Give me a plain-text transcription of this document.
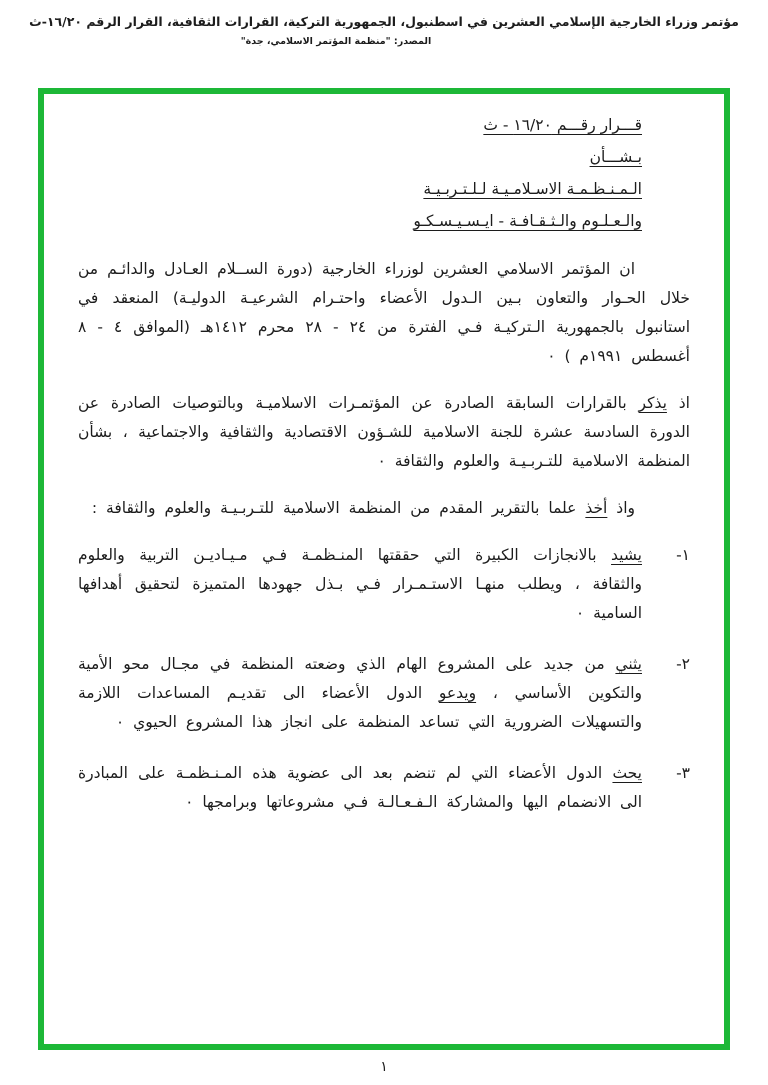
مؤتمر وزراء الخارجية الإسلامي العشرين في اسطنبول، الجمهورية التركية، القرارات الثقافية، القرار الرقم ١٦/٢٠-ث
المصدر: "منظمة المؤتمر الاسلامي، جدة"
قـــرار رقـــم ١٦/٢٠ - ث
بـشـــأن
الـمـنـظـمـة الاسـلامـيـة لـلـتـربـيـة
والـعـلـوم والـثـقـافـة - ايـسـيـسـكـو

ان المؤتمر الاسلامي العشرين لوزراء الخارجية (دورة الســلام العـادل والدائـم من خلال الحـوار والتعاون بـين الـدول الأعضاء واحتـرام الشرعيـة الدوليـة) المنعقد في استانبول بالجمهورية الـتركيـة فـي الفترة من ٢٤ - ٢٨ محرم ١٤١٢هـ (الموافق ٤ - ٨ أغسطس ١٩٩١م ) ٠

اذ يذكر بالقرارات السابقة الصادرة عن المؤتمـرات الاسلاميـة وبالتوصيات الصادرة عن الدورة السادسة عشرة للجنة الاسلامية للشـؤون الاقتصادية والثقافية والاجتماعية ، بشأن المنظمة الاسلامية للتـربـيـة والعلوم والثقافة ٠

واذ أخذ علما بالتقرير المقدم من المنظمة الاسلامية للتـربـيـة والعلوم والثقافة :

١-
يشيد بالانجازات الكبيرة التي حققتها المنـظمـة فـي مـيـاديـن التربية والعلوم والثقافة ، ويطلب منهـا الاستـمـرار فـي بـذل جهودها المتميزة لتحقيق أهدافها السامية ٠
٢-
يثني من جديد على المشروع الهام الذي وضعته المنظمة في مجـال محو الأمية والتكوين الأساسي ، ويدعو الدول الأعضاء الى تقديـم المساعدات اللازمة والتسهيلات الضرورية التي تساعد المنظمة على انجاز هذا المشروع الحيوي ٠
٣-
يحث الدول الأعضاء التي لم تنضم بعد الى عضوية هذه المـنـظمـة على المبادرة الى الانضمام اليها والمشاركة الـفـعـالـة فـي مشروعاتها وبرامجها ٠
١
